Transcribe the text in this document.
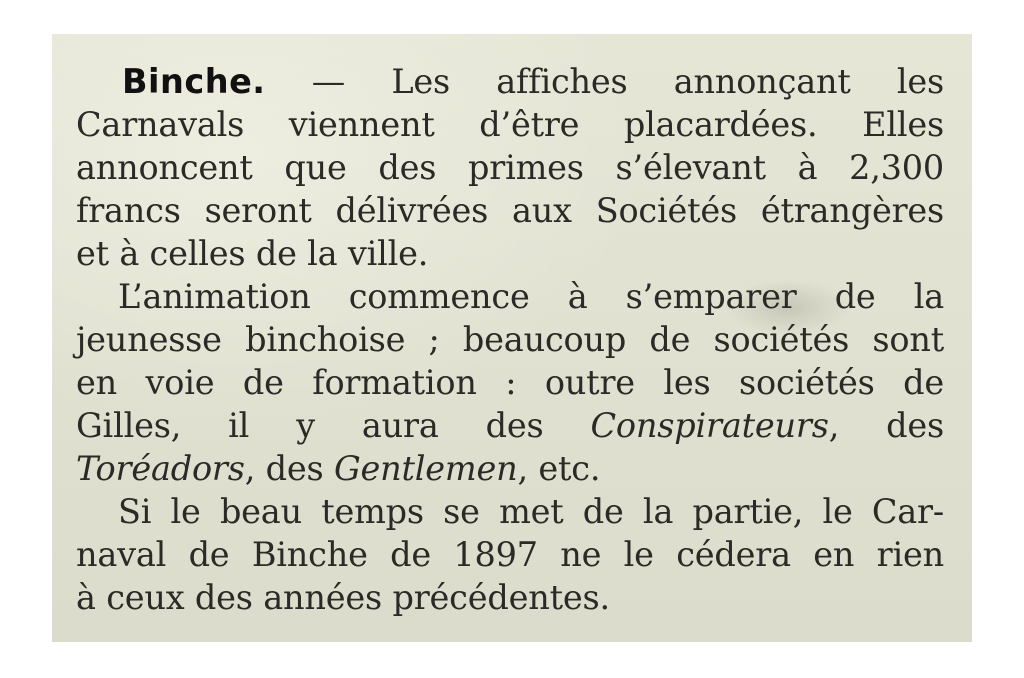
Binche. — Les affiches annonçant les
Carnavals viennent d’être placardées. Elles
annoncent que des primes s’élevant à 2,300
francs seront délivrées aux Sociétés étrangères
et à celles de la ville.
L’animation commence à s’emparer de la
jeunesse binchoise ; beaucoup de sociétés sont
en voie de formation : outre les sociétés de
Gilles, il y aura des Conspirateurs, des
Toréadors, des Gentlemen, etc.
Si le beau temps se met de la partie, le Car-
naval de Binche de 1897 ne le cédera en rien
à ceux des années précédentes.
